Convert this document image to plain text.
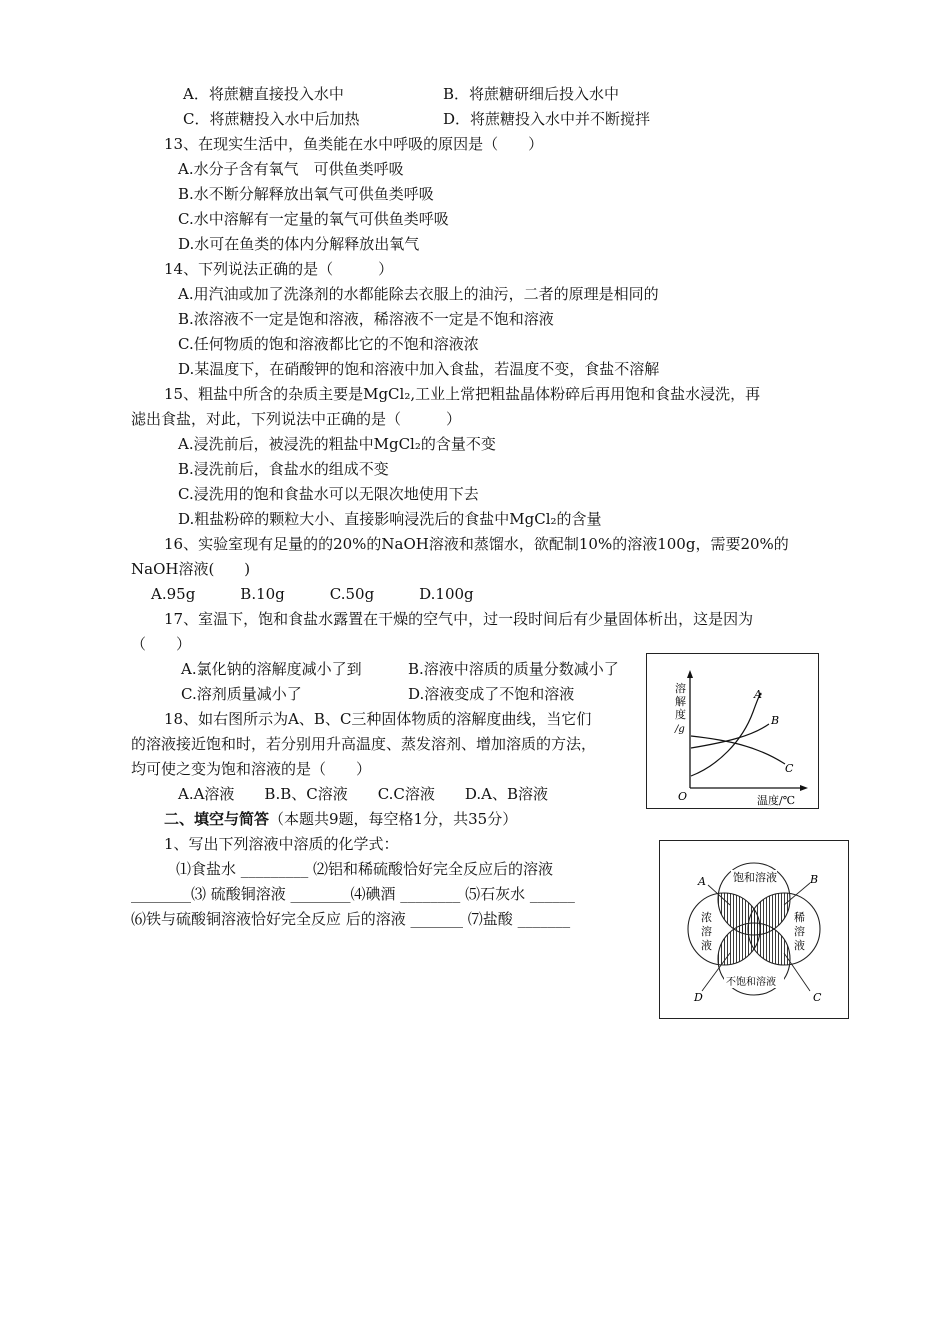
A．将蔗糖直接投入水中	B．将蔗糖研细后投入水中
C．将蔗糖投入水中后加热	D．将蔗糖投入水中并不断搅拌
13、在现实生活中，鱼类能在水中呼吸的原因是（　　）
A.水分子含有氧气　可供鱼类呼吸
B.水不断分解释放出氧气可供鱼类呼吸
C.水中溶解有一定量的氧气可供鱼类呼吸
D.水可在鱼类的体内分解释放出氧气
14、下列说法正确的是（　　　）
A.用汽油或加了洗涤剂的水都能除去衣服上的油污，二者的原理是相同的
B.浓溶液不一定是饱和溶液，稀溶液不一定是不饱和溶液
C.任何物质的饱和溶液都比它的不饱和溶液浓
D.某温度下，在硝酸钾的饱和溶液中加入食盐，若温度不变，食盐不溶解
15、粗盐中所含的杂质主要是MgCl₂,工业上常把粗盐晶体粉碎后再用饱和食盐水浸洗，再
滤出食盐，对此，下列说法中正确的是（　　　）
A.浸洗前后，被浸洗的粗盐中MgCl₂的含量不变
B.浸洗前后，食盐水的组成不变
C.浸洗用的饱和食盐水可以无限次地使用下去
D.粗盐粉碎的颗粒大小、直接影响浸洗后的食盐中MgCl₂的含量
16、实验室现有足量的的20%的NaOH溶液和蒸馏水，欲配制10%的溶液100g，需要20%的
NaOH溶液(　　)
A.95g　　　B.10g　　　C.50g　　　D.100g
17、室温下，饱和食盐水露置在干燥的空气中，过一段时间后有少量固体析出，这是因为
（　　）
A.氯化钠的溶解度减小了到	B.溶液中溶质的质量分数减小了
C.溶剂质量减小了	D.溶液变成了不饱和溶液
18、如右图所示为A、B、C三种固体物质的溶解度曲线，当它们
的溶液接近饱和时，若分别用升高温度、蒸发溶剂、增加溶质的方法，
均可使之变为饱和溶液的是（　　）
A.A溶液　　B.B、C溶液　　C.C溶液　　D.A、B溶液
二、填空与简答（本题共9题，每空格1分，共35分）
1、写出下列溶液中溶质的化学式：
⑴食盐水 _________ ⑵铝和稀硫酸恰好完全反应后的溶液
________⑶ 硫酸铜溶液 ________⑷碘酒 ________ ⑸石灰水 ______
⑹铁与硫酸铜溶液恰好完全反应 后的溶液 _______ ⑺盐酸 _______
溶
解
度
/g
O	温度/℃
A
B
C
饱和溶液
不饱和溶液
浓
溶
液
稀
溶
液
A	B
C
D
